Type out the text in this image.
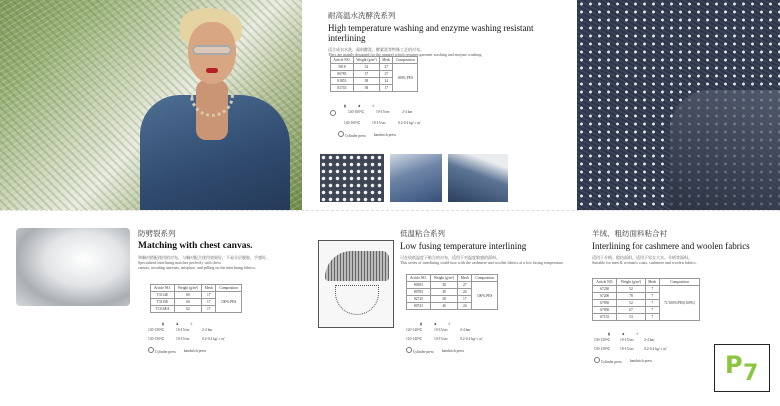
耐高温水洗酵洗系列
High temperature washing and enzyme washing resistant interlining
适合成衣水洗、面料酵洗、酵素洗等特殊工艺的衬布。
They are mainly designed for the apparel which requires garment washing and enzyme washing.
Article NO.	Weight (g/m²)	Mesh	Composition
5818	32	27	100% PES
80783	37	27	
81853	38	24	
82743	38	17	
▮	⧗	◊
140-160℃	10-15/sec	2-4 bar
140-160℃	10-15/sec	0.2-0.4 kg/ c ㎡
Cylinder press bandwich press
防劈裂系列
Matching with chest canvas.
和胸衬搭配使用的衬布，与胸衬配合使用效果好，不易分层脱胶，手感好。
Specialized interlining matches perfectly with chest
canvas, avoiding unevnes, misplace, and pilling on the interlining fabrics.
Article NO.	Weight (g/m²)	Mesh	Composition
T3114E	60	17	100% PES
T3115E	60	17	
T3116EA	62	17	
▮	⧗	◊
130-150℃	10-15/sec	2-4 bar
130-150℃	10-15/sec	0.2-0.4 kg/ c ㎡
Cylinder press bandwich press
低温粘合系列
Low fusing temperature interlining
可在较低温度下粘合的衬布，适用于对温度敏感的面料。
This series of interlining could fuse with the cashmere and woolen fabrics at a low fusing temperature.
Article NO.	Weight (g/m²)	Mesh	Composition
80583	38	27	100% PES
80783	49	24	
82743	38	17	
80741	40	24	
▮	⧗	◊
120-140℃	10-15/sec	2-4 bar
120-140℃	10-15/sec	0.2-0.4 kg/ c ㎡
Cylinder press bandwich press
羊绒、粗纺面料粘合衬
Interlining for cashmere and woolen fabrics
适用于羊绒、粗纺面料，适用于男女大衣、羊绒等面料。
Suitable for men & woman's coats, cashmere and woolen fabrics.
Article NO.	Weight (g/m²)	Mesh	Composition
67230	52	7	71/100%/PES(100%)
67200	78	7	
67850	52	7	
67850	67	7	
67135	53	7	
▮	⧗	◊
130-150℃	10-15/sec	2-4 bar
130-150℃	10-15/sec	0.2-0.4 kg/ c ㎡
Cylinder press bandwich press	P 7
